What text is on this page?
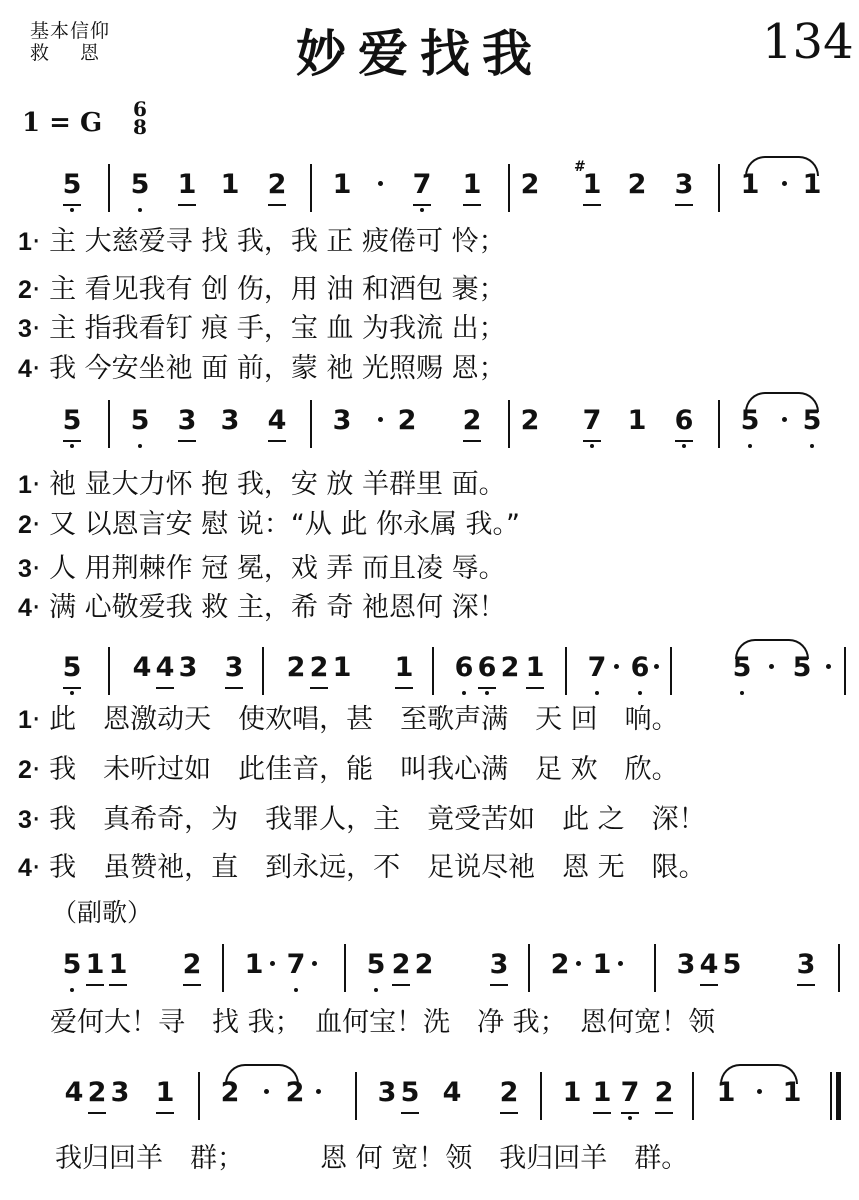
基本信仰
救　恩	妙爱找我	134
1 = G 6
8
5 5 1 1 2 1 7 1 2
# 1 2 3 1 1
5 5 3 3 4 3 2 2 2 7 1 6 5 5
5 4 4 3 3 2 2 1 1 6 6 2 1 7 6	5 5
5 1 1 2 1 7 5 2 2 3 2 1 3 4 5 3
4 2 3 1 2 2	3 5 4 2 1 1 7 2 1 1
1· 主 大慈爱寻 找 我，我 正 疲倦可 怜；
2· 主 看见我有 创 伤，用 油 和酒包 裹；
3· 主 指我看钉 痕 手，宝 血 为我流 出；
4· 我 今安坐祂 面 前，蒙 祂 光照赐 恩；
1· 祂 显大力怀 抱 我，安 放 羊群里 面。
2· 又 以恩言安 慰 说：“从 此 你永属 我。”
3· 人 用荆棘作 冠 冕，戏 弄 而且凌 辱。
4· 满 心敬爱我 救 主，希 奇 祂恩何 深！
1· 此　恩激动天　使欢唱，甚　至歌声满　天 回　响。
2· 我　未听过如　此佳音，能　叫我心满　足 欢　欣。
3· 我　真希奇，为　我罪人，主　竟受苦如　此 之　深！
4· 我　虽赞祂，直　到永远，不　足说尽祂　恩 无　限。
（副歌）
爱何大！寻　找 我；　血何宝！洗　净 我；　恩何宽！领
我归回羊　群；　　　 恩 何 宽！领　我归回羊　群。
